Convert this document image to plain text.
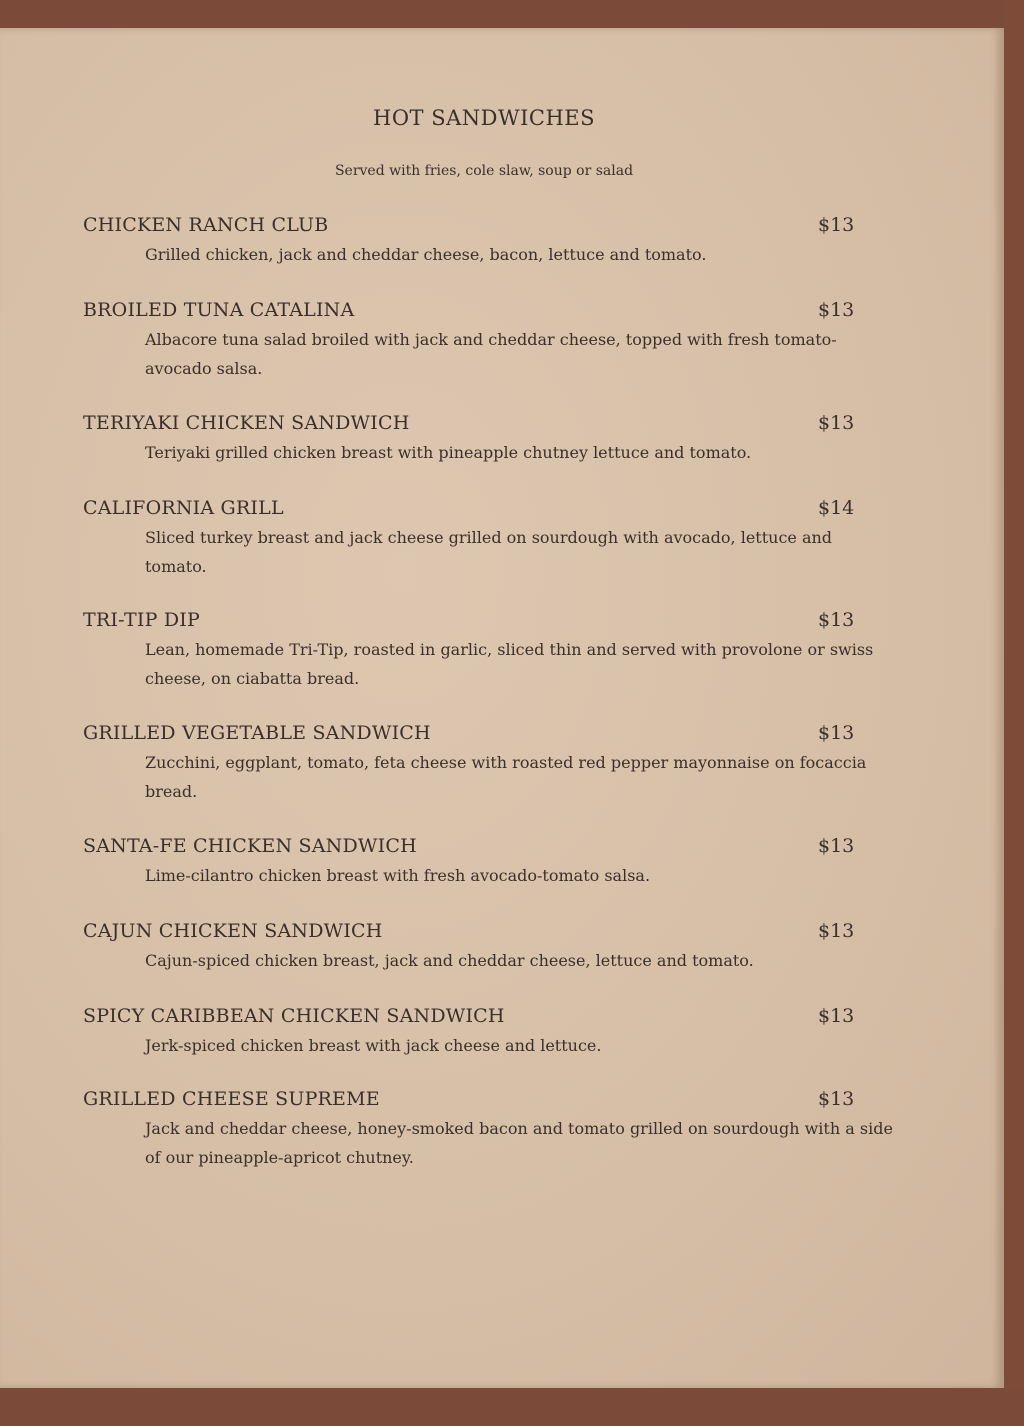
HOT SANDWICHES
Served with fries, cole slaw, soup or salad
CHICKEN RANCH CLUB	$13
Grilled chicken, jack and cheddar cheese, bacon, lettuce and tomato.
BROILED TUNA CATALINA	$13
Albacore tuna salad broiled with jack and cheddar cheese, topped with fresh tomato-avocado salsa.
TERIYAKI CHICKEN SANDWICH	$13
Teriyaki grilled chicken breast with pineapple chutney lettuce and tomato.
CALIFORNIA GRILL	$14
Sliced turkey breast and jack cheese grilled on sourdough with avocado, lettuce and tomato.
TRI-TIP DIP	$13
Lean, homemade Tri-Tip, roasted in garlic, sliced thin and served with provolone or swiss cheese, on ciabatta bread.
GRILLED VEGETABLE SANDWICH	$13
Zucchini, eggplant, tomato, feta cheese with roasted red pepper mayonnaise on focaccia bread.
SANTA-FE CHICKEN SANDWICH	$13
Lime-cilantro chicken breast with fresh avocado-tomato salsa.
CAJUN CHICKEN SANDWICH	$13
Cajun-spiced chicken breast, jack and cheddar cheese, lettuce and tomato.
SPICY CARIBBEAN CHICKEN SANDWICH	$13
Jerk-spiced chicken breast with jack cheese and lettuce.
GRILLED CHEESE SUPREME	$13
Jack and cheddar cheese, honey-smoked bacon and tomato grilled on sourdough with a side of our pineapple-apricot chutney.
